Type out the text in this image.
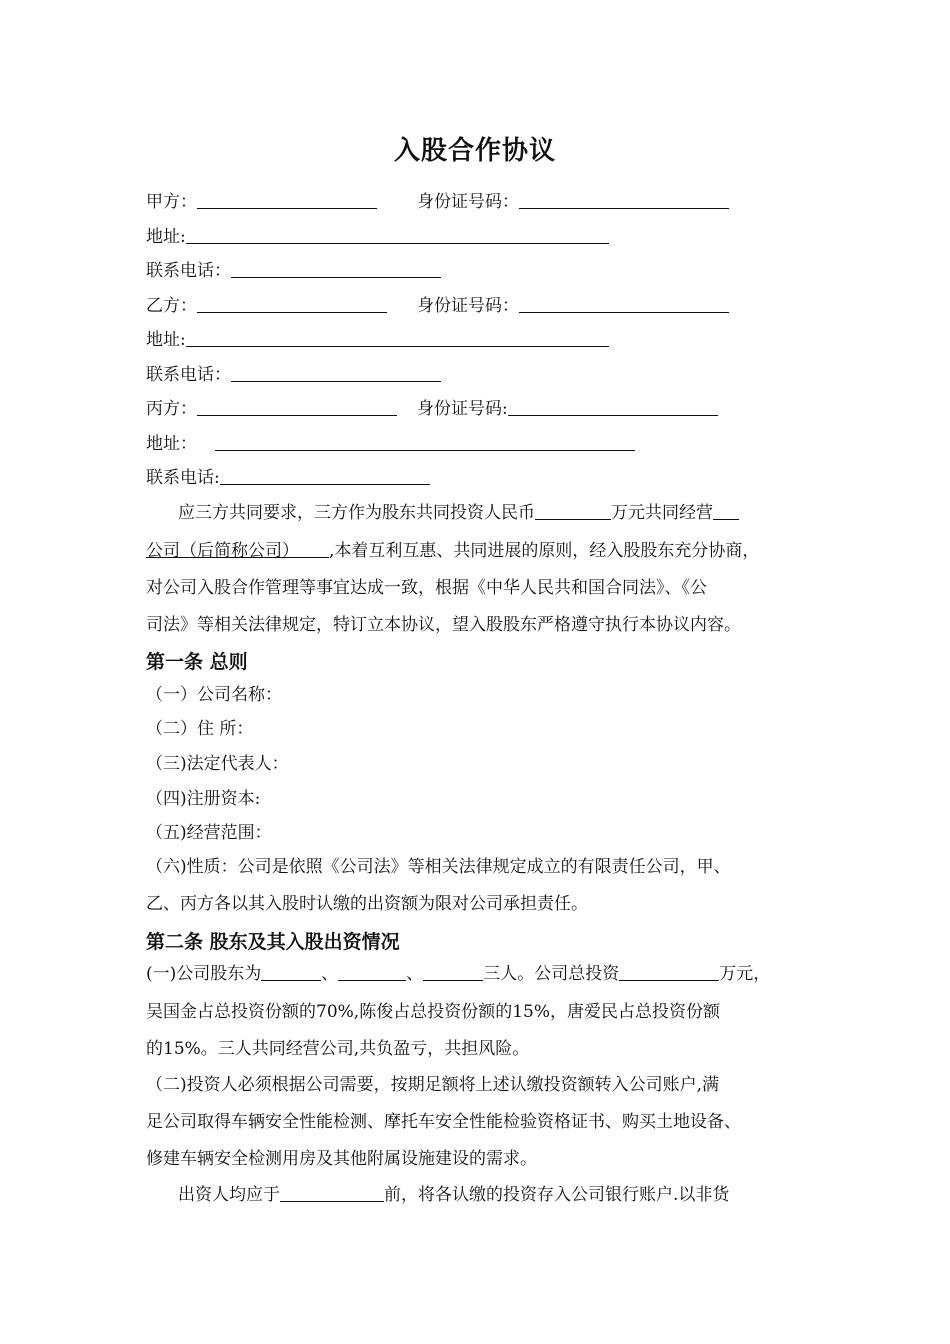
入股合作协议
甲方：	身份证号码：
地址:
联系电话：
乙方：	身份证号码：
地址:
联系电话：
丙方：	身份证号码:
地址：
联系电话:
应三方共同要求，三方作为股东共同投资人民币	万元共同经营
公司（后简称公司） ,本着互利互惠、共同进展的原则，经入股股东充分协商，
对公司入股合作管理等事宜达成一致，根据《中华人民共和国合同法》、《公
司法》等相关法律规定，特订立本协议，望入股股东严格遵守执行本协议内容。
第一条 总则
（一）公司名称：
（二）住 所：
（三)法定代表人：
（四)注册资本:
（五)经营范围：
（六)性质：公司是依照《公司法》等相关法律规定成立的有限责任公司，甲、
乙、丙方各以其入股时认缴的出资额为限对公司承担责任。
第二条 股东及其入股出资情况
(一)公司股东为	、	、	三人。公司总投资	万元，
吴国金占总投资份额的70%,陈俊占总投资份额的15%，唐爱民占总投资份额
的15%。三人共同经营公司,共负盈亏，共担风险。
（二)投资人必须根据公司需要，按期足额将上述认缴投资额转入公司账户,满
足公司取得车辆安全性能检测、摩托车安全性能检验资格证书、购买土地设备、
修建车辆安全检测用房及其他附属设施建设的需求。
出资人均应于	前，将各认缴的投资存入公司银行账户.以非货
